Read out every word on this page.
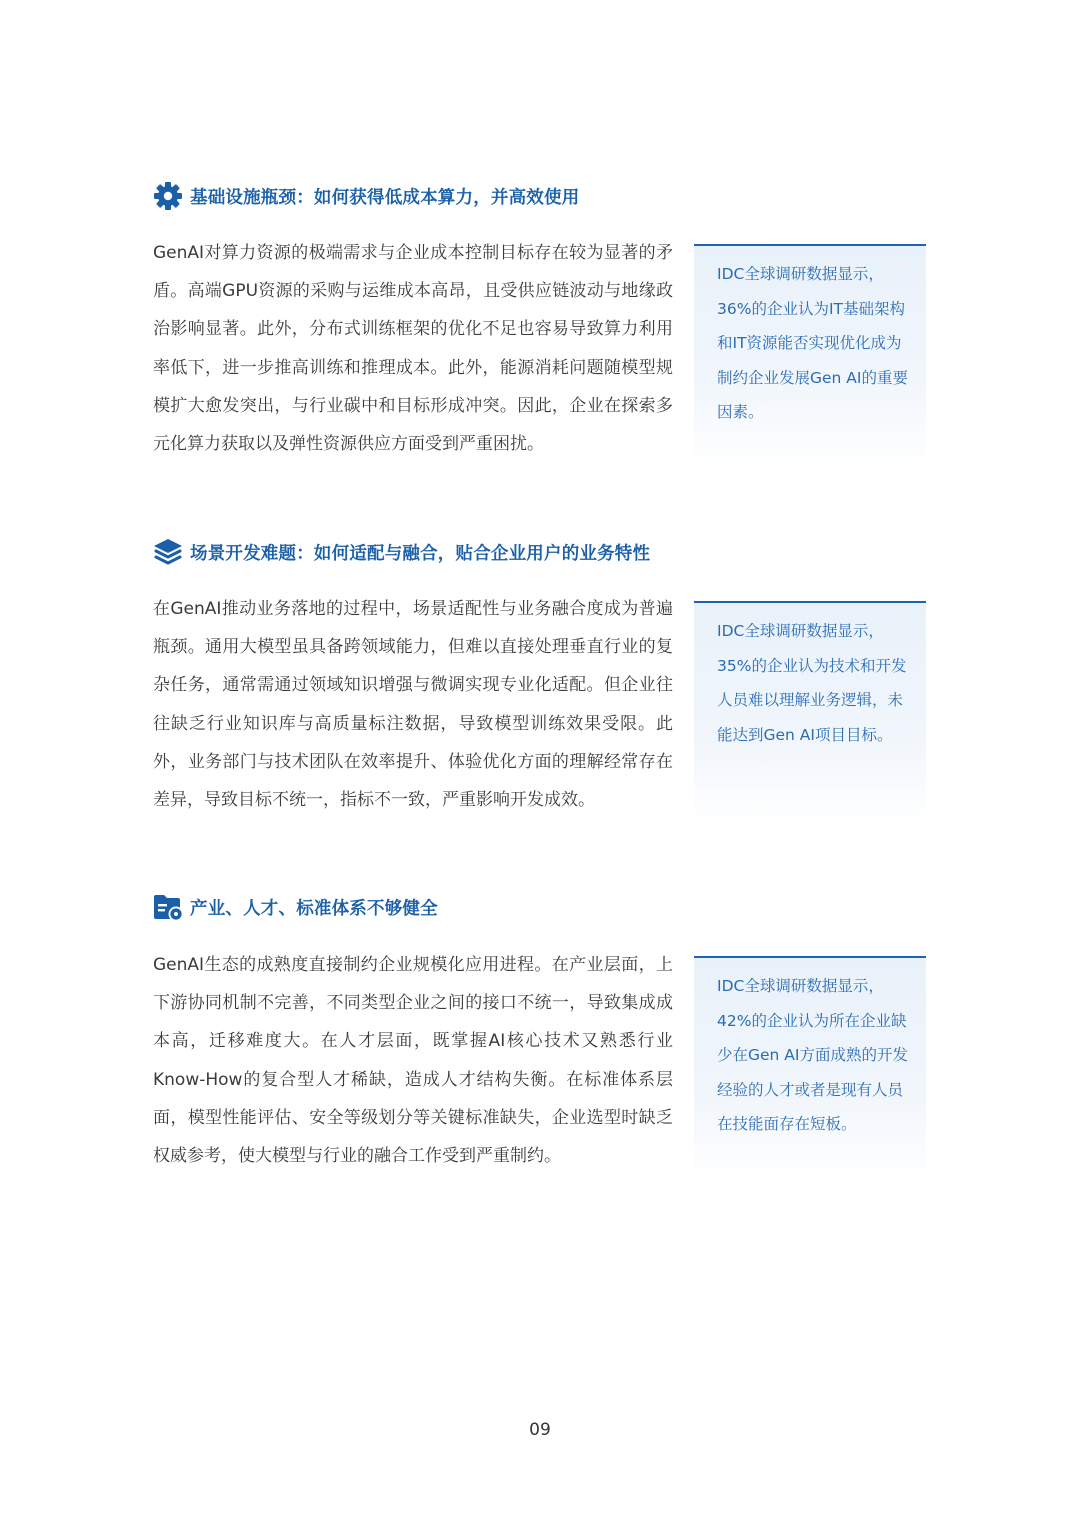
基础设施瓶颈：如何获得低成本算力，并高效使用

GenAI对算力资源的极端需求与企业成本控制目标存在较为显著的矛盾。高端GPU资源的采购与运维成本高昂，且受供应链波动与地缘政治影响显著。此外，分布式训练框架的优化不足也容易导致算力利用率低下，进一步推高训练和推理成本。此外，能源消耗问题随模型规模扩大愈发突出，与行业碳中和目标形成冲突。因此，企业在探索多元化算力获取以及弹性资源供应方面受到严重困扰。

IDC全球调研数据显示，36%的企业认为IT基础架构和IT资源能否实现优化成为制约企业发展Gen AI的重要因素。

场景开发难题：如何适配与融合，贴合企业用户的业务特性

在GenAI推动业务落地的过程中，场景适配性与业务融合度成为普遍瓶颈。通用大模型虽具备跨领域能力，但难以直接处理垂直行业的复杂任务，通常需通过领域知识增强与微调实现专业化适配。但企业往往缺乏行业知识库与高质量标注数据，导致模型训练效果受限。此外，业务部门与技术团队在效率提升、体验优化方面的理解经常存在差异，导致目标不统一，指标不一致，严重影响开发成效。

IDC全球调研数据显示，35%的企业认为技术和开发人员难以理解业务逻辑，未能达到Gen AI项目目标。

产业、人才、标准体系不够健全

GenAI生态的成熟度直接制约企业规模化应用进程。在产业层面，上下游协同机制不完善，不同类型企业之间的接口不统一，导致集成成本高，迁移难度大。在人才层面，既掌握AI核心技术又熟悉行业Know-How的复合型人才稀缺，造成人才结构失衡。在标准体系层面，模型性能评估、安全等级划分等关键标准缺失，企业选型时缺乏权威参考，使大模型与行业的融合工作受到严重制约。

IDC全球调研数据显示，42%的企业认为所在企业缺少在Gen AI方面成熟的开发经验的人才或者是现有人员在技能面存在短板。

09
